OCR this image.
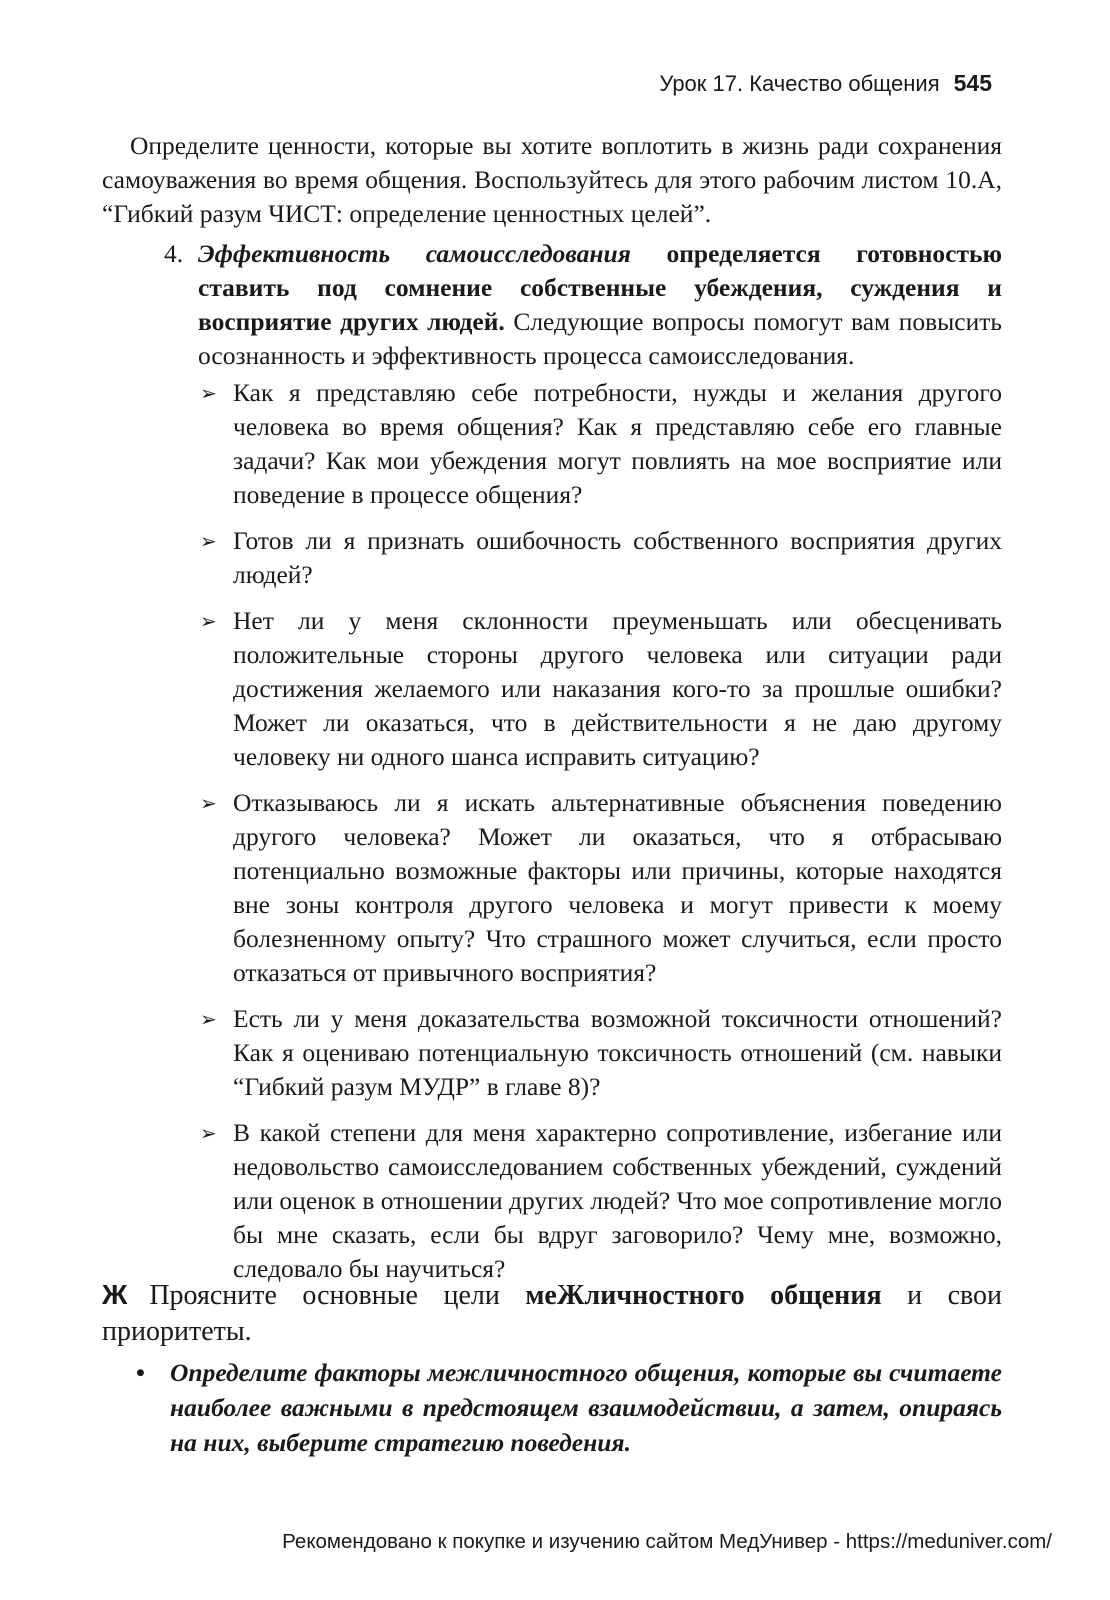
Урок 17. Качество общения 545
Определите ценности, которые вы хотите воплотить в жизнь ради сохранения самоуважения во время общения. Воспользуйтесь для этого рабочим листом 10.А, “Гибкий разум ЧИСТ: определение ценностных целей”.
4. Эффективность самоисследования определяется готовностью ставить под сомнение собственные убеждения, суждения и восприятие других людей. Следующие вопросы помогут вам повысить осознанность и эффективность процесса самоисследования.
➢ Как я представляю себе потребности, нужды и желания другого человека во время общения? Как я представляю себе его главные задачи? Как мои убеждения могут повлиять на мое восприятие или поведение в процессе общения?
➢ Готов ли я признать ошибочность собственного восприятия других людей?
➢ Нет ли у меня склонности преуменьшать или обесценивать положительные стороны другого человека или ситуации ради достижения желаемого или наказания кого-то за прошлые ошибки? Может ли оказаться, что в действительности я не даю другому человеку ни одного шанса исправить ситуацию?
➢ Отказываюсь ли я искать альтернативные объяснения поведению другого человека? Может ли оказаться, что я отбрасываю потенциально возможные факторы или причины, которые находятся вне зоны контроля другого человека и могут привести к моему болезненному опыту? Что страшного может случиться, если просто отказаться от привычного восприятия?
➢ Есть ли у меня доказательства возможной токсичности отношений? Как я оцениваю потенциальную токсичность отношений (см. навыки “Гибкий разум МУДР” в главе 8)?
➢ В какой степени для меня характерно сопротивление, избегание или недовольство самоисследованием собственных убеждений, суждений или оценок в отношении других людей? Что мое сопротивление могло бы мне сказать, если бы вдруг заговорило? Чему мне, возможно, следовало бы научиться?
Ж Проясните основные цели меЖличностного общения и свои приоритеты.
• Определите факторы межличностного общения, которые вы считаете наиболее важными в предстоящем взаимодействии, а затем, опираясь на них, выберите стратегию поведения.
Рекомендовано к покупке и изучению сайтом МедУнивер - https://meduniver.com/
